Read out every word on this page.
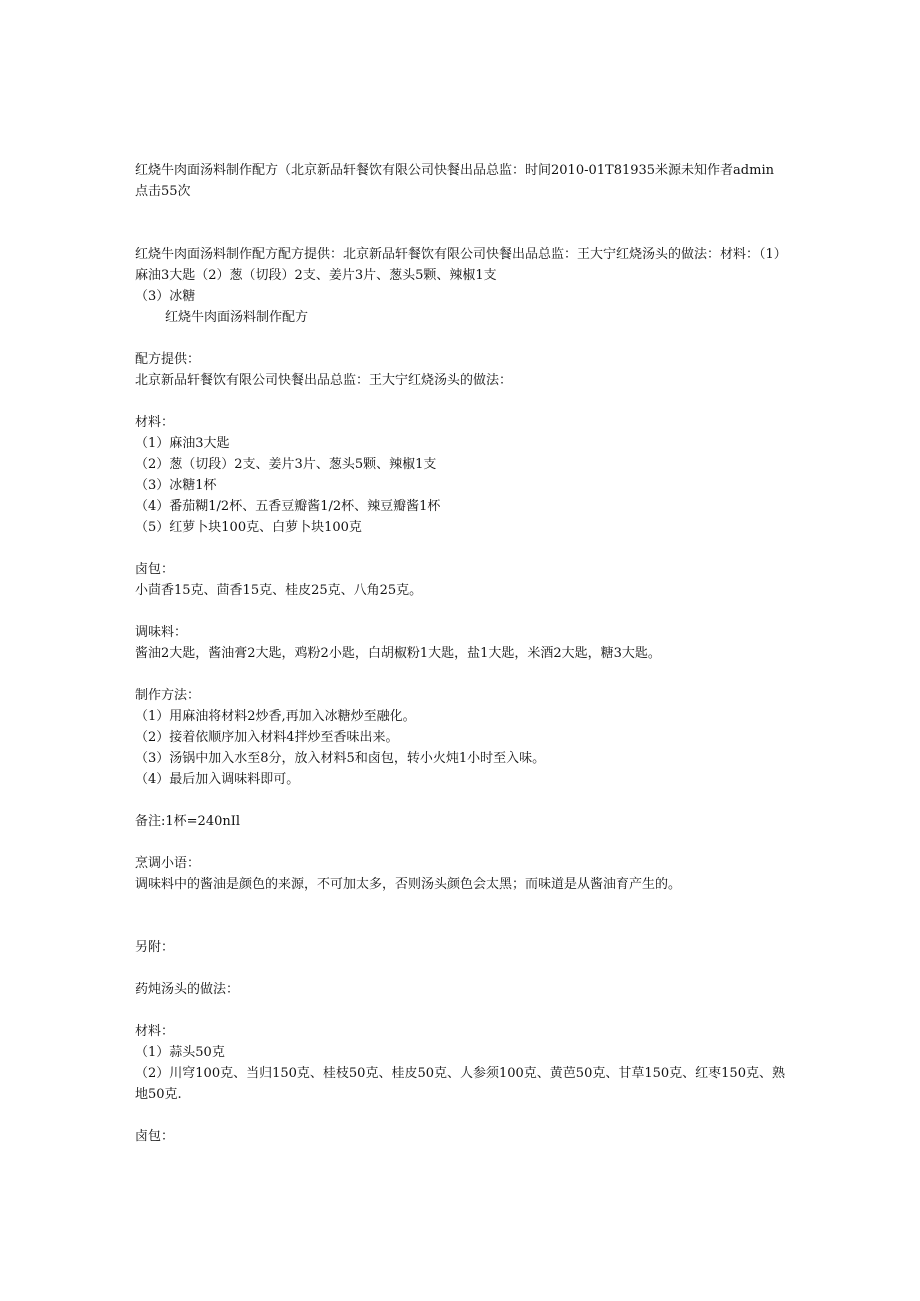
红烧牛肉面汤料制作配方（北京新品轩餐饮有限公司快餐出品总监：时间2010-01T81935米源未知作者admin点击55次

红烧牛肉面汤料制作配方配方提供：北京新品轩餐饮有限公司快餐出品总监：王大宁红烧汤头的做法：材料：（1）麻油3大匙（2）葱（切段）2支、姜片3片、葱头5颗、辣椒1支

（3）冰糖

红烧牛肉面汤料制作配方

配方提供：

北京新品轩餐饮有限公司快餐出品总监：王大宁红烧汤头的做法：

材料：

（1）麻油3大匙

（2）葱（切段）2支、姜片3片、葱头5颗、辣椒1支

（3）冰糖1杯

（4）番茄糊1/2杯、五香豆瓣酱1/2杯、辣豆瓣酱1杯

（5）红萝卜块100克、白萝卜块100克

卤包：

小茴香15克、茴香15克、桂皮25克、八角25克。

调味料：

酱油2大匙，酱油膏2大匙，鸡粉2小匙，白胡椒粉1大匙，盐1大匙，米酒2大匙，糖3大匙。

制作方法：

（1）用麻油将材料2炒香,再加入冰糖炒至融化。

（2）接着依顺序加入材料4拌炒至香味出来。

（3）汤锅中加入水至8分，放入材料5和卤包，转小火炖1小时至入味。

（4）最后加入调味料即可。

备注:1杯=240nIl

烹调小语：

调味料中的酱油是颜色的来源，不可加太多，否则汤头颜色会太黑；而味道是从酱油育产生的。

另附：

药炖汤头的做法：

材料：

（1）蒜头50克

（2）川穹100克、当归150克、桂枝50克、桂皮50克、人参须100克、黄芭50克、甘草150克、红枣150克、熟地50克.

卤包：
